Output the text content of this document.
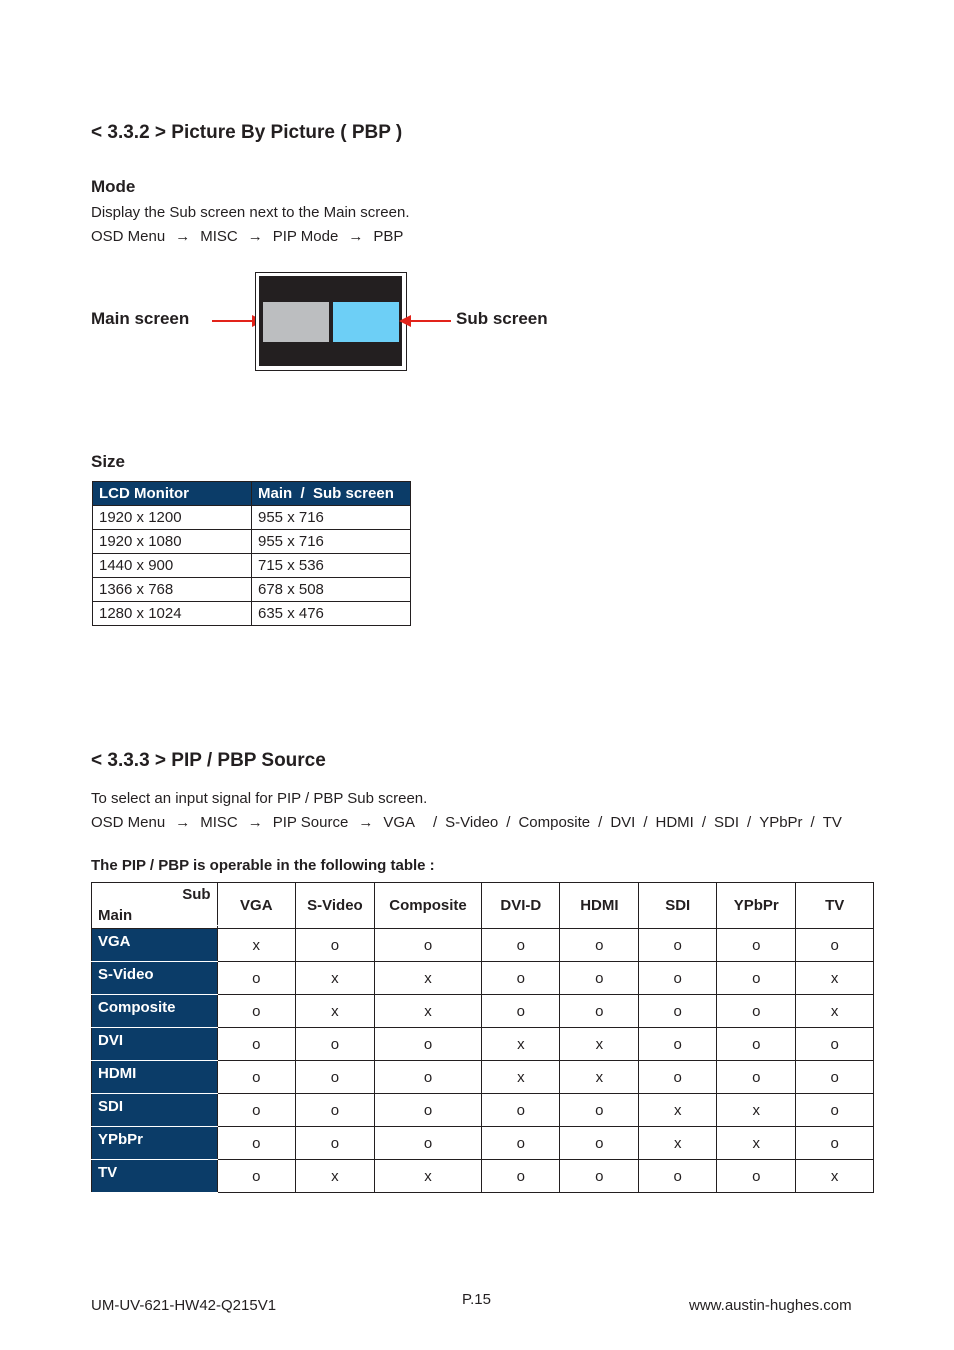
< 3.3.2 > Picture By Picture ( PBP )
Mode
Display the Sub screen next to the Main screen.
OSD Menu → MISC → PIP Mode → PBP
Main screen	Sub screen
Size
LCD Monitor	Main  /  Sub screen
1920 x 1200	955 x 716
1920 x 1080	955 x 716
1440 x 900	715 x 536
1366 x 768	678 x 508
1280 x 1024	635 x 476
< 3.3.3 > PIP / PBP Source
To select an input signal for PIP / PBP Sub screen.
OSD Menu → MISC → PIP Source → VGA / S-Video / Composite / DVI / HDMI / SDI / YPbPr / TV
The PIP / PBP is operable in the following table :
Sub
Main	VGA	S-Video	Composite	DVI-D	HDMI	SDI	YPbPr	TV
VGA	x	o	o	o	o	o	o	o
S-Video	o	x	x	o	o	o	o	x
Composite	o	x	x	o	o	o	o	x
DVI	o	o	o	x	x	o	o	o
HDMI	o	o	o	x	x	o	o	o
SDI	o	o	o	o	o	x	x	o
YPbPr	o	o	o	o	o	x	x	o
TV	o	x	x	o	o	o	o	x
UM-UV-621-HW42-Q215V1	P.15	www.austin-hughes.com
